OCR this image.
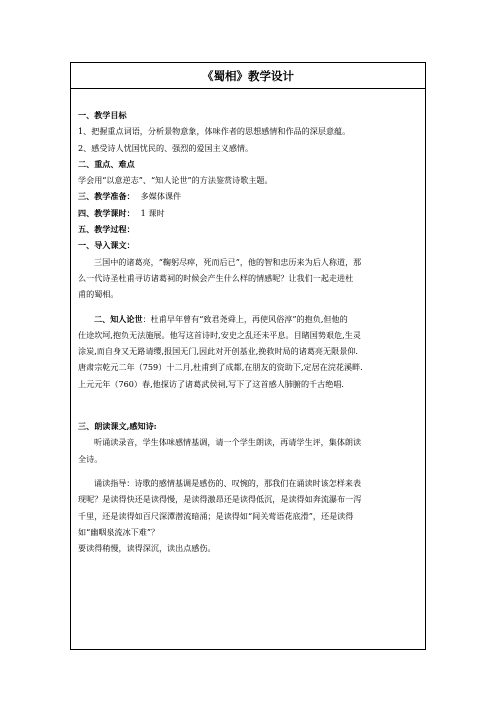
《蜀相》教学设计
一、教学目标
1、把握重点词语，分析景物意象，体味作者的思想感情和作品的深层意蕴。
2、感受诗人忧国忧民的、强烈的爱国主义感情。
二、重点、难点
学会用“以意逆志”、“知人论世”的方法鉴赏诗歌主题。
三、教学准备： 多媒体课件
四、教学课时： 1 课时
五、教学过程：
一、导入课文：
三国中的诸葛亮，“鞠躬尽瘁，死而后已”，他的智和忠历来为后人称道，那
么一代诗圣杜甫寻访诸葛祠的时候会产生什么样的情感呢？让我们一起走进杜
甫的蜀相。
二、知人论世：杜甫早年曾有“致君尧舜上，再使风俗淳”的抱负,但他的
仕途坎坷,抱负无法施展。他写这首诗时,安史之乱还未平息。目睹国势艰危,生灵
涂炭,而自身又无路请缨,报国无门,因此对开创基业,挽救时局的诸葛亮无限景仰.
唐肃宗乾元二年（759）十二月,杜甫到了成都,在朋友的资助下,定居在浣花溪畔.
上元元年（760）春,他探访了诸葛武侯祠,写下了这首感人肺腑的千古绝唱.
三、朗读课文,感知诗:
听诵读录音，学生体味感情基调，请一个学生朗读，再请学生评，集体朗读
全诗。
诵读指导：诗歌的感情基调是感伤的、叹惋的，那我们在诵读时该怎样来表
现呢？是读得快还是读得慢，是读得激昂还是读得低沉，是读得如奔流瀑布一泻
千里，还是读得如百尺深潭潜流暗涌；是读得如“间关莺语花底滑”，还是读得
如“幽咽泉流冰下难”？
要读得稍慢，读得深沉，读出点感伤。
